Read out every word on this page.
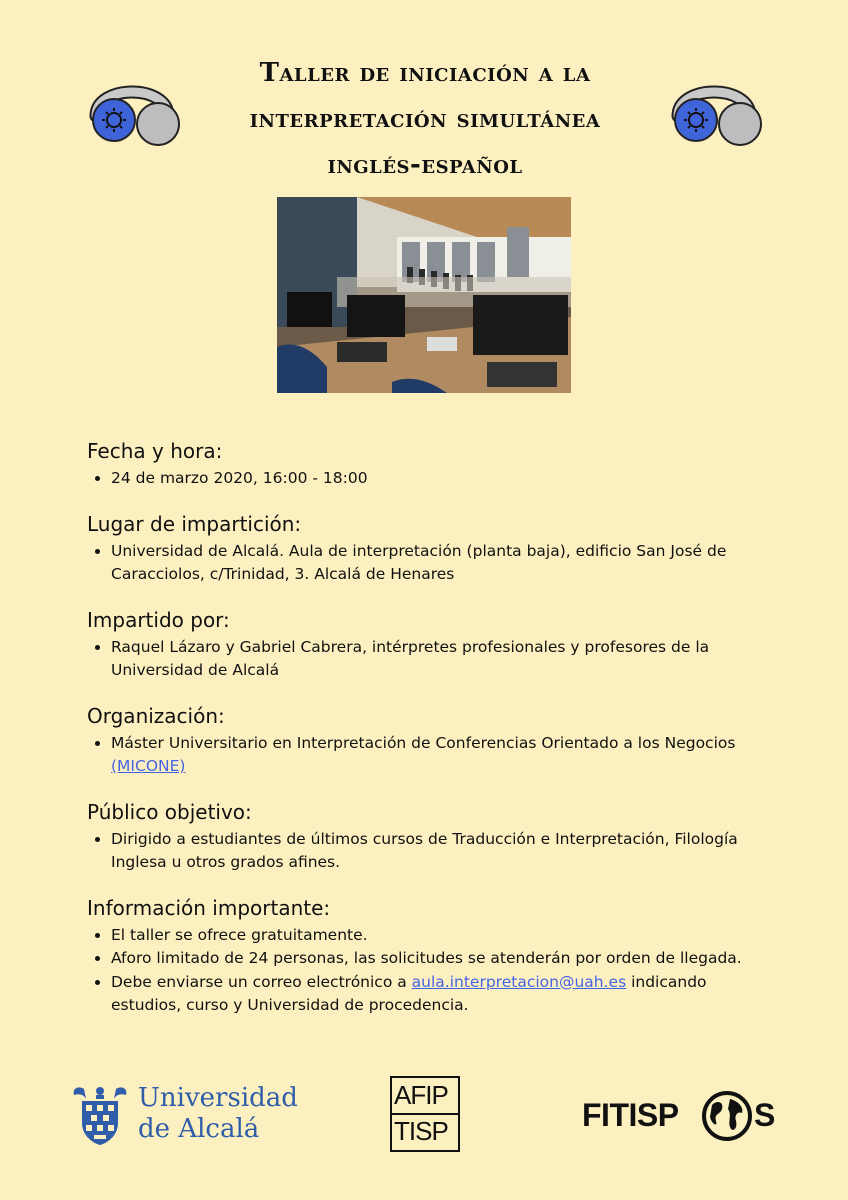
Taller de iniciación a la
interpretación simultánea
inglés-español
Fecha y hora:
• 24 de marzo 2020, 16:00 - 18:00
Lugar de impartición:
• Universidad de Alcalá. Aula de interpretación (planta baja), edificio San José de Caracciolos, c/Trinidad, 3. Alcalá de Henares
Impartido por:
• Raquel Lázaro y Gabriel Cabrera, intérpretes profesionales y profesores de la Universidad de Alcalá
Organización:
• Máster Universitario en Interpretación de Conferencias Orientado a los Negocios (MICONE)
Público objetivo:
• Dirigido a estudiantes de últimos cursos de Traducción e Interpretación, Filología Inglesa u otros grados afines.
Información importante:
• El taller se ofrece gratuitamente.
• Aforo limitado de 24 personas, las solicitudes se atenderán por orden de llegada.
• Debe enviarse un correo electrónico a aula.interpretacion@uah.es indicando estudios, curso y Universidad de procedencia.
Universidad
de Alcalá
AFIP
TISP	FITISP S
